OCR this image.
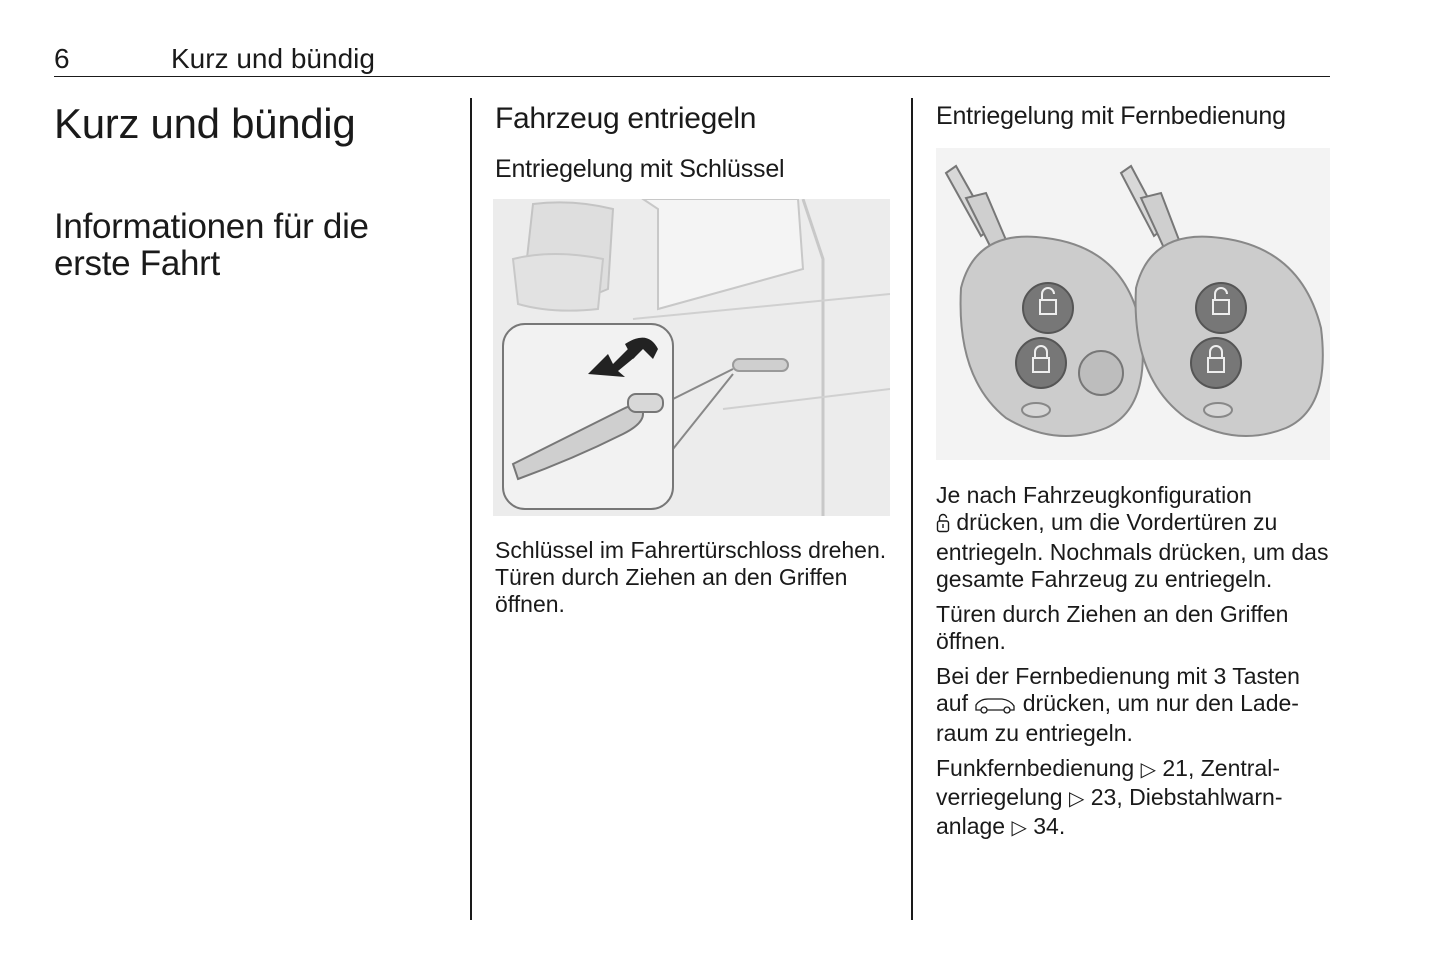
6	Kurz und bündig
Kurz und bündig
Informationen für die erste Fahrt
Fahrzeug entriegeln
Entriegelung mit Schlüssel
Schlüssel im Fahrertürschloss drehen. Türen durch Ziehen an den Griffen öffnen.
Entriegelung mit Fernbedienung

Je nach Fahrzeugkonfiguration
drücken, um die Vordertüren zu entriegeln. Nochmals drücken, um das gesamte Fahrzeug zu entriegeln.

Türen durch Ziehen an den Griffen öffnen.

Bei der Fernbedienung mit 3 Tasten auf  drücken, um nur den Laderaum zu entriegeln.

Funkfernbedienung ▷ 21, Zentralverriegelung ▷ 23, Diebstahlwarnanlage ▷ 34.
